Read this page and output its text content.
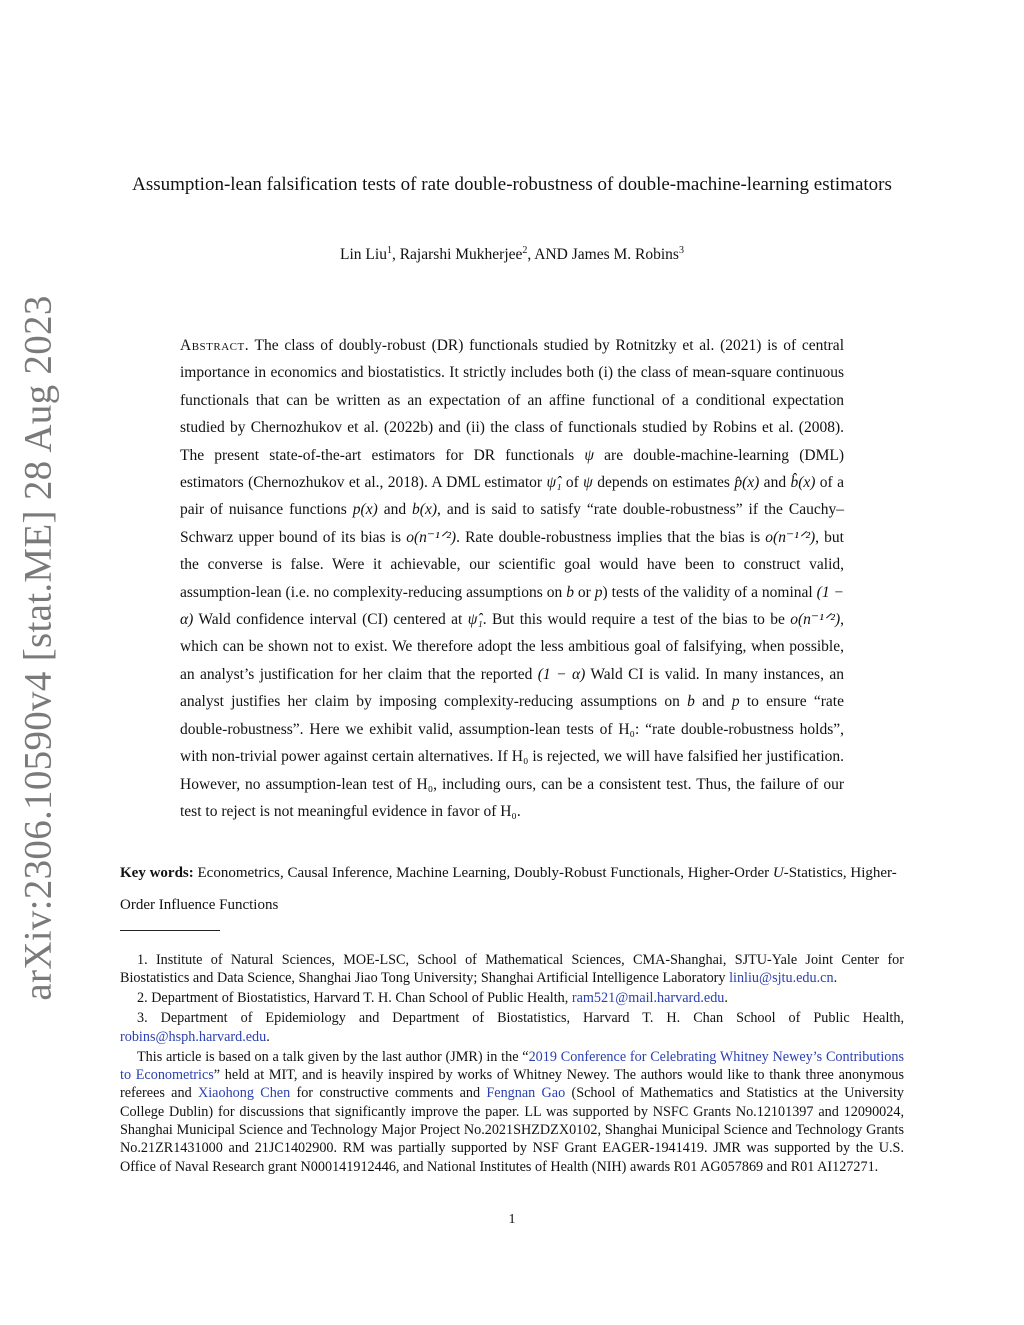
arXiv:2306.10590v4 [stat.ME] 28 Aug 2023
Assumption-lean falsification tests of rate double-robustness of double-machine-learning estimators

Lin Liu$^1$, Rajarshi Mukherjee$^2$, AND James M. Robins$^3$

Abstract. The class of doubly-robust (DR) functionals studied by Rotnitzky et al. (2021) is of central importance in economics and biostatistics. It strictly includes both (i) the class of mean-square continuous functionals that can be written as an expectation of an affine functional of a conditional expectation studied by Chernozhukov et al. (2022b) and (ii) the class of functionals studied by Robins et al. (2008). The present state-of-the-art estimators for DR functionals ψ are double-machine-learning (DML) estimators (Chernozhukov et al., 2018). A DML estimator ψ̂₁ of ψ depends on estimates p̂(x) and b̂(x) of a pair of nuisance functions p(x) and b(x), and is said to satisfy “rate double-robustness” if the Cauchy–Schwarz upper bound of its bias is o(n⁻¹ᐟ²). Rate double-robustness implies that the bias is o(n⁻¹ᐟ²), but the converse is false. Were it achievable, our scientific goal would have been to construct valid, assumption-lean (i.e. no complexity-reducing assumptions on b or p) tests of the validity of a nominal (1 − α) Wald confidence interval (CI) centered at ψ̂₁. But this would require a test of the bias to be o(n⁻¹ᐟ²), which can be shown not to exist. We therefore adopt the less ambitious goal of falsifying, when possible, an analyst’s justification for her claim that the reported (1 − α) Wald CI is valid. In many instances, an analyst justifies her claim by imposing complexity-reducing assumptions on b and p to ensure “rate double-robustness”. Here we exhibit valid, assumption-lean tests of H₀: “rate double-robustness holds”, with non-trivial power against certain alternatives. If H₀ is rejected, we will have falsified her justification. However, no assumption-lean test of H₀, including ours, can be a consistent test. Thus, the failure of our test to reject is not meaningful evidence in favor of H₀.

Key words: Econometrics, Causal Inference, Machine Learning, Doubly-Robust Functionals, Higher-Order U-Statistics, Higher-Order Influence Functions

1. Institute of Natural Sciences, MOE-LSC, School of Mathematical Sciences, CMA-Shanghai, SJTU-Yale Joint Center for Biostatistics and Data Science, Shanghai Jiao Tong University; Shanghai Artificial Intelligence Laboratory linliu@sjtu.edu.cn.

2. Department of Biostatistics, Harvard T. H. Chan School of Public Health, ram521@mail.harvard.edu.

3. Department of Epidemiology and Department of Biostatistics, Harvard T. H. Chan School of Public Health, robins@hsph.harvard.edu.

This article is based on a talk given by the last author (JMR) in the “2019 Conference for Celebrating Whitney Newey’s Contributions to Econometrics” held at MIT, and is heavily inspired by works of Whitney Newey. The authors would like to thank three anonymous referees and Xiaohong Chen for constructive comments and Fengnan Gao (School of Mathematics and Statistics at the University College Dublin) for discussions that significantly improve the paper. LL was supported by NSFC Grants No.12101397 and 12090024, Shanghai Municipal Science and Technology Major Project No.2021SHZDZX0102, Shanghai Municipal Science and Technology Grants No.21ZR1431000 and 21JC1402900. RM was partially supported by NSF Grant EAGER-1941419. JMR was supported by the U.S. Office of Naval Research grant N000141912446, and National Institutes of Health (NIH) awards R01 AG057869 and R01 AI127271.

1
